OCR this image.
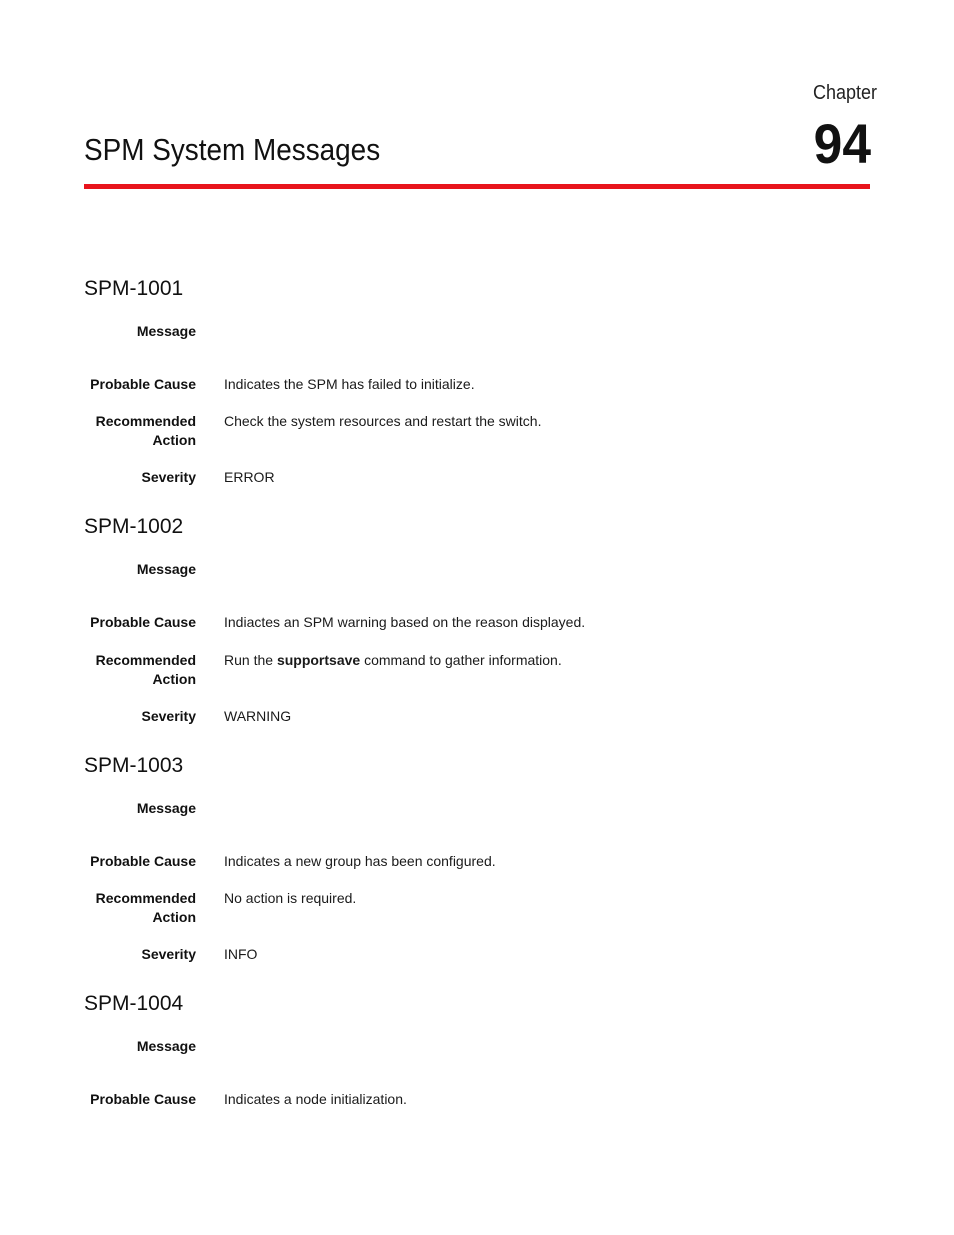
Chapter
94
SPM System Messages
SPM-1001
Message
Probable Cause Indicates the SPM has failed to initialize.
Recommended
Action
Check the system resources and restart the switch.
Severity ERROR
SPM-1002
Message
Probable Cause Indiactes an SPM warning based on the reason displayed.
Recommended
Action
Run the supportsave command to gather information.
Severity WARNING
SPM-1003
Message
Probable Cause Indicates a new group has been configured.
Recommended
Action
No action is required.
Severity INFO
SPM-1004
Message
Probable Cause Indicates a node initialization.
